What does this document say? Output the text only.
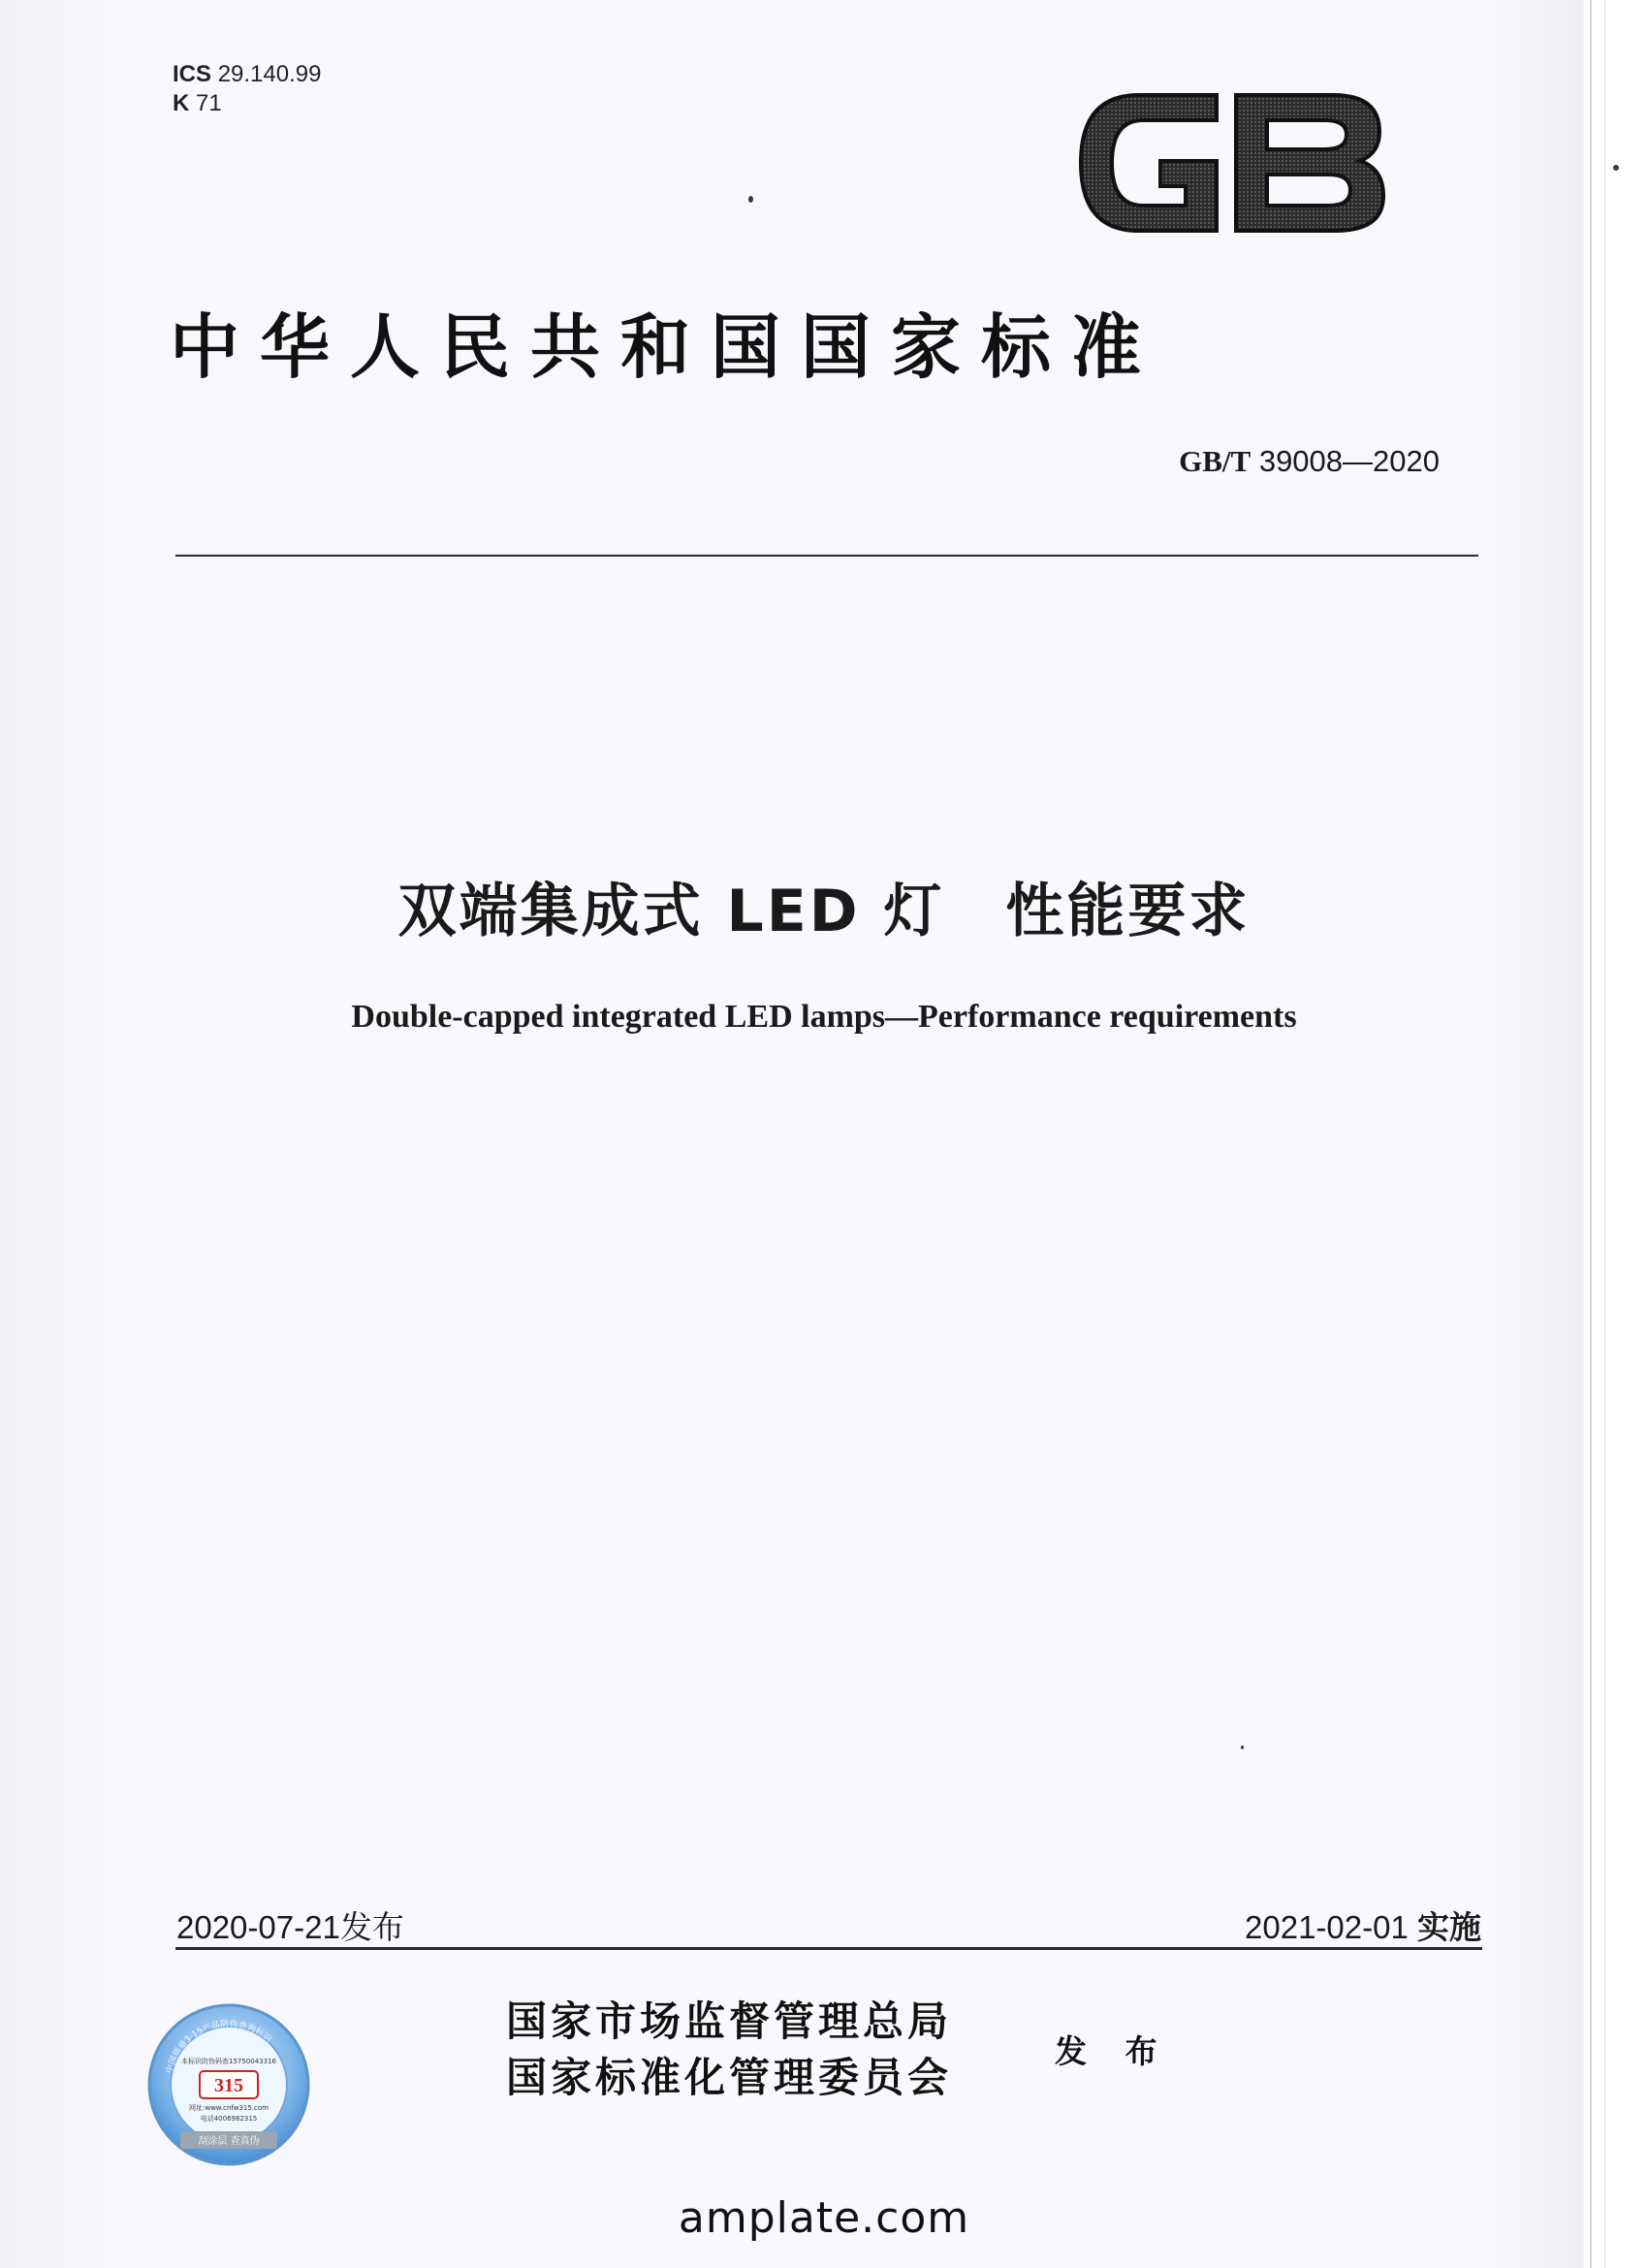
ICS 29.140.99
K 71
中华人民共和国国家标准
GB/T 39008—2020
双端集成式 LED 灯　性能要求
Double-capped integrated LED lamps—Performance requirements
2020-07-21发布	2021-02-01 实施
中国质量3·15产品防伪查询标识
本标识防伪码查15750043316
315
网址:www.cnfw315.com
电话4006982315
刮涂层 查真伪
国家市场监督管理总局
国家标准化管理委员会
发 布
amplate.com
